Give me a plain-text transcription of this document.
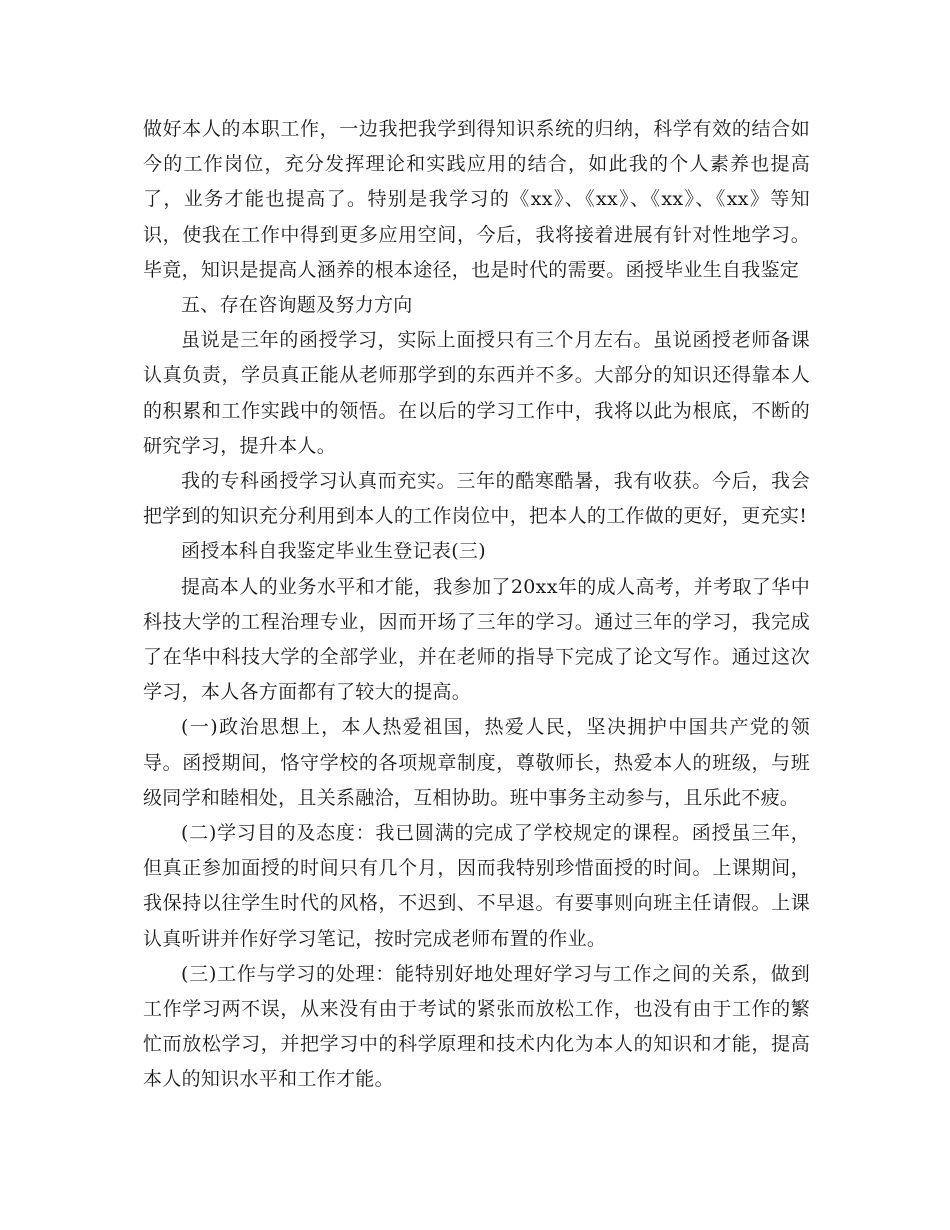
做好本人的本职工作，一边我把我学到得知识系统的归纳，科学有效的结合如今的工作岗位，充分发挥理论和实践应用的结合，如此我的个人素养也提高了，业务才能也提高了。特别是我学习的《xx》、《xx》、《xx》、《xx》等知识，使我在工作中得到更多应用空间，今后，我将接着进展有针对性地学习。毕竟，知识是提高人涵养的根本途径，也是时代的需要。函授毕业生自我鉴定

五、存在咨询题及努力方向

虽说是三年的函授学习，实际上面授只有三个月左右。虽说函授老师备课认真负责，学员真正能从老师那学到的东西并不多。大部分的知识还得靠本人的积累和工作实践中的领悟。在以后的学习工作中，我将以此为根底，不断的研究学习，提升本人。

我的专科函授学习认真而充实。三年的酷寒酷暑，我有收获。今后，我会把学到的知识充分利用到本人的工作岗位中，把本人的工作做的更好，更充实!

函授本科自我鉴定毕业生登记表(三)

提高本人的业务水平和才能，我参加了20xx年的成人高考，并考取了华中科技大学的工程治理专业，因而开场了三年的学习。通过三年的学习，我完成了在华中科技大学的全部学业，并在老师的指导下完成了论文写作。通过这次学习，本人各方面都有了较大的提高。

(一)政治思想上，本人热爱祖国，热爱人民，坚决拥护中国共产党的领导。函授期间，恪守学校的各项规章制度，尊敬师长，热爱本人的班级，与班级同学和睦相处，且关系融洽，互相协助。班中事务主动参与，且乐此不疲。

(二)学习目的及态度：我已圆满的完成了学校规定的课程。函授虽三年，但真正参加面授的时间只有几个月，因而我特别珍惜面授的时间。上课期间，我保持以往学生时代的风格，不迟到、不早退。有要事则向班主任请假。上课认真听讲并作好学习笔记，按时完成老师布置的作业。

(三)工作与学习的处理：能特别好地处理好学习与工作之间的关系，做到工作学习两不误，从来没有由于考试的紧张而放松工作，也没有由于工作的繁忙而放松学习，并把学习中的科学原理和技术内化为本人的知识和才能，提高本人的知识水平和工作才能。
